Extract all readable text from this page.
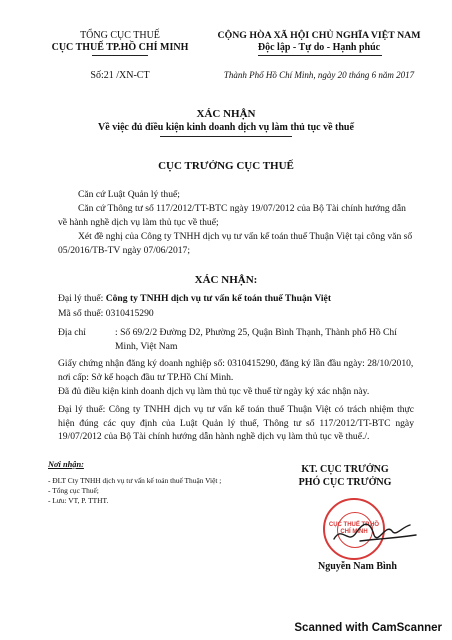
TỔNG CỤC THUẾ
CỤC THUẾ TP.HỒ CHÍ MINH
Số:21 /XN-CT
CỘNG HÒA XÃ HỘI CHỦ NGHĨA VIỆT NAM
Độc lập - Tự do - Hạnh phúc
Thành Phố Hồ Chí Minh, ngày 20 tháng 6 năm 2017
XÁC NHẬN
Về việc đủ điều kiện kinh doanh dịch vụ làm thủ tục về thuế
CỤC TRƯỞNG CỤC THUẾ
Căn cứ Luật Quản lý thuế;
Căn cứ Thông tư số 117/2012/TT-BTC ngày 19/07/2012 của Bộ Tài chính hướng dẫn về hành nghề dịch vụ làm thủ tục về thuế;
Xét đề nghị của Công ty TNHH dịch vụ tư vấn kế toán thuế Thuận Việt tại công văn số 05/2016/TB-TV ngày 07/06/2017;
XÁC NHẬN:
Đại lý thuế: Công ty TNHH dịch vụ tư vấn kế toán thuế Thuận Việt
Mã số thuế: 0310415290
Địa chỉ	: Số 69/2/2 Đường D2, Phường 25, Quận Bình Thạnh, Thành phố Hồ Chí Minh, Việt Nam
Giấy chứng nhận đăng ký doanh nghiệp số: 0310415290, đăng ký lần đầu ngày: 28/10/2010, nơi cấp: Sở kế hoạch đầu tư TP.Hồ Chí Minh.
Đã đủ điều kiện kinh doanh dịch vụ làm thủ tục về thuế từ ngày ký xác nhận này.
Đại lý thuế: Công ty TNHH dịch vụ tư vấn kế toán thuế Thuận Việt có trách nhiệm thực hiện đúng các quy định của Luật Quản lý thuế, Thông tư số 117/2012/TT-BTC ngày 19/07/2012 của Bộ Tài chính hướng dẫn hành nghề dịch vụ làm thủ tục về thuế./.
Nơi nhận:
- ĐLT Cty TNHH dịch vụ tư vấn kế toán thuế Thuận Việt ;
- Tổng cục Thuế;
- Lưu: VT, P. TTHT.
KT. CỤC TRƯỞNG
PHÓ CỤC TRƯỞNG
CỤC THUẾ TP.HỒ CHÍ MINH
Nguyễn Nam Bình
Scanned with CamScanner
